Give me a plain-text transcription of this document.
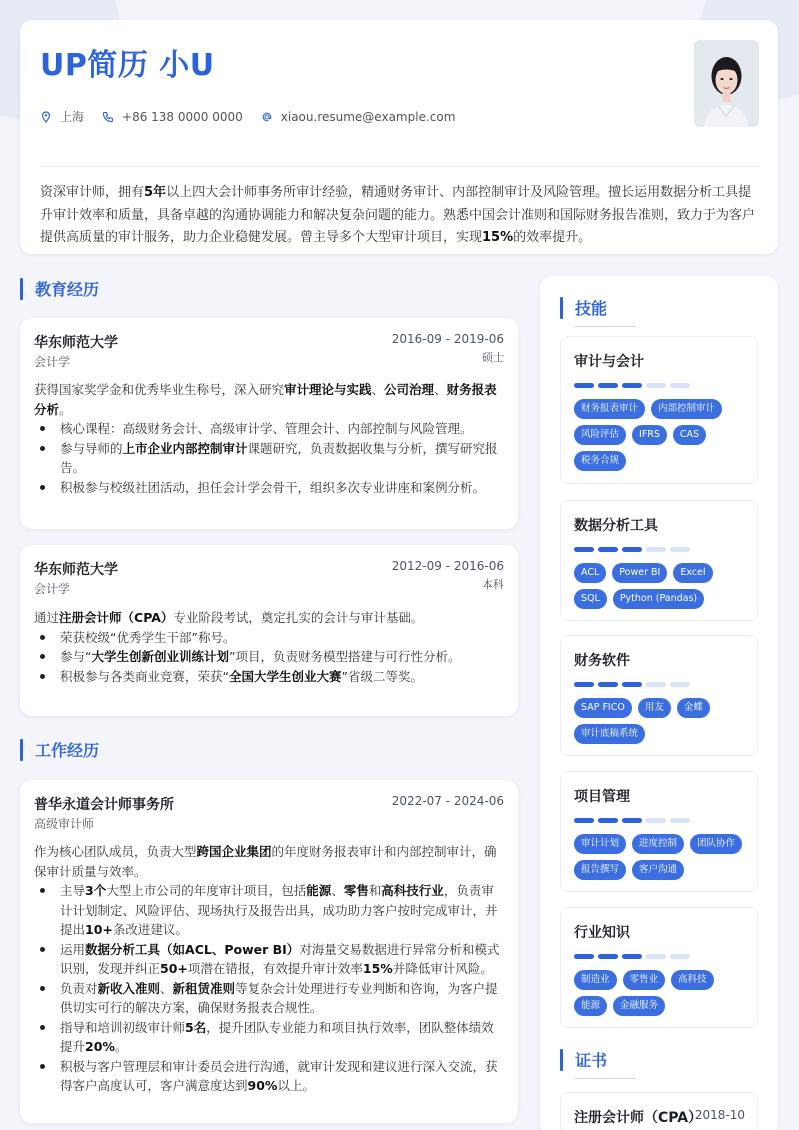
UP简历 小U
上海	+86 138 0000 0000	xiaou.resume@example.com
资深审计师，拥有5年以上四大会计师事务所审计经验，精通财务审计、内部控制审计及风险管理。擅长运用数据分析工具提升审计效率和质量，具备卓越的沟通协调能力和解决复杂问题的能力。熟悉中国会计准则和国际财务报告准则，致力于为客户提供高质量的审计服务，助力企业稳健发展。曾主导多个大型审计项目，实现15%的效率提升。
教育经历
华东师范大学
会计学
2016-09 - 2019-06
硕士
获得国家奖学金和优秀毕业生称号，深入研究审计理论与实践、公司治理、财务报表分析。
核心课程：高级财务会计、高级审计学、管理会计、内部控制与风险管理。
参与导师的上市企业内部控制审计课题研究，负责数据收集与分析，撰写研究报告。
积极参与校级社团活动，担任会计学会骨干，组织多次专业讲座和案例分析。
华东师范大学
会计学
2012-09 - 2016-06
本科
通过注册会计师（CPA）专业阶段考试，奠定扎实的会计与审计基础。
荣获校级“优秀学生干部”称号。
参与“大学生创新创业训练计划”项目，负责财务模型搭建与可行性分析。
积极参与各类商业竞赛，荣获“全国大学生创业大赛”省级二等奖。
工作经历
普华永道会计师事务所
高级审计师
2022-07 - 2024-06
作为核心团队成员，负责大型跨国企业集团的年度财务报表审计和内部控制审计，确保审计质量与效率。
主导3个大型上市公司的年度审计项目，包括能源、零售和高科技行业，负责审计计划制定、风险评估、现场执行及报告出具，成功助力客户按时完成审计，并提出10+条改进建议。
运用数据分析工具（如ACL、Power BI）对海量交易数据进行异常分析和模式识别，发现并纠正50+项潜在错报，有效提升审计效率15%并降低审计风险。
负责对新收入准则、新租赁准则等复杂会计处理进行专业判断和咨询，为客户提供切实可行的解决方案，确保财务报表合规性。
指导和培训初级审计师5名，提升团队专业能力和项目执行效率，团队整体绩效提升20%。
积极与客户管理层和审计委员会进行沟通，就审计发现和建议进行深入交流，获得客户高度认可，客户满意度达到90%以上。
技能
审计与会计
财务报表审计	内部控制审计
风险评估	IFRS	CAS
税务合规
数据分析工具
ACL	Power BI	Excel
SQL	Python (Pandas)
财务软件
SAP FICO	用友	金蝶
审计底稿系统
项目管理
审计计划	进度控制	团队协作
报告撰写	客户沟通
行业知识
制造业	零售业	高科技
能源	金融服务
证书
注册会计师（CPA）
2018-10
